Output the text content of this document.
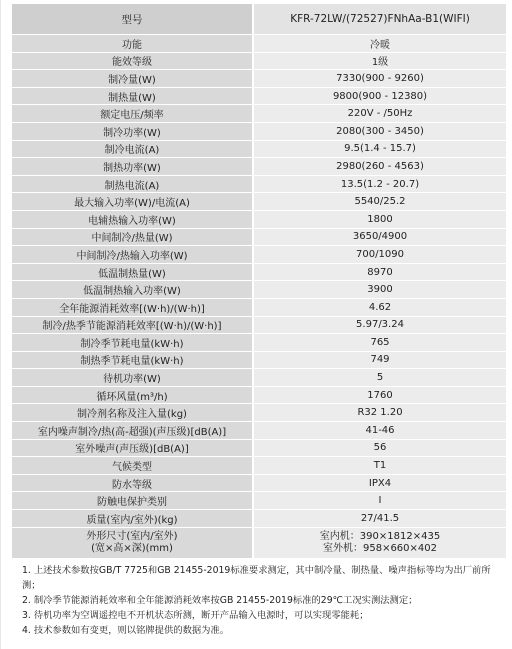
型号	KFR-72LW/(72527)FNhAa-B1(WIFI)
功能	冷暖
能效等级	1级
制冷量(W)	7330(900 - 9260)
制热量(W)	9800(900 - 12380)
额定电压/频率	220V - /50Hz
制冷功率(W)	2080(300 - 3450)
制冷电流(A)	9.5(1.4 - 15.7)
制热功率(W)	2980(260 - 4563)
制热电流(A)	13.5(1.2 - 20.7)
最大输入功率(W)/电流(A)	5540/25.2
电辅热输入功率(W)	1800
中间制冷/热量(W)	3650/4900
中间制冷/热输入功率(W)	700/1090
低温制热量(W)	8970
低温制热输入功率(W)	3900
全年能源消耗效率[(W·h)/(W·h)]	4.62
制冷/热季节能源消耗效率[(W·h)/(W·h)]	5.97/3.24
制冷季节耗电量(kW·h)	765
制热季节耗电量(kW·h)	749
待机功率(W)	5
循环风量(m³/h)	1760
制冷剂名称及注入量(kg)	R32 1.20
室内噪声制冷/热(高-超强)(声压级)[dB(A)]	41-46
室外噪声(声压级)[dB(A)]	56
气候类型	T1
防水等级	IPX4
防触电保护类别	I
质量(室内/室外)(kg)	27/41.5

外形尺寸(室内/室外)
(宽×高×深)(mm)	室内机：390×1812×435
室外机：958×660×402
1. 上述技术参数按GB/T 7725和GB 21455-2019标准要求测定，其中制冷量、制热量、噪声指标等均为出厂前所测；
2. 制冷季节能源消耗效率和全年能源消耗效率按GB 21455-2019标准的29℃工况实测法测定；
3. 待机功率为空调遥控电不开机状态所测，断开产品输入电源时，可以实现零能耗；
4. 技术参数如有变更，则以铭牌提供的数据为准。
